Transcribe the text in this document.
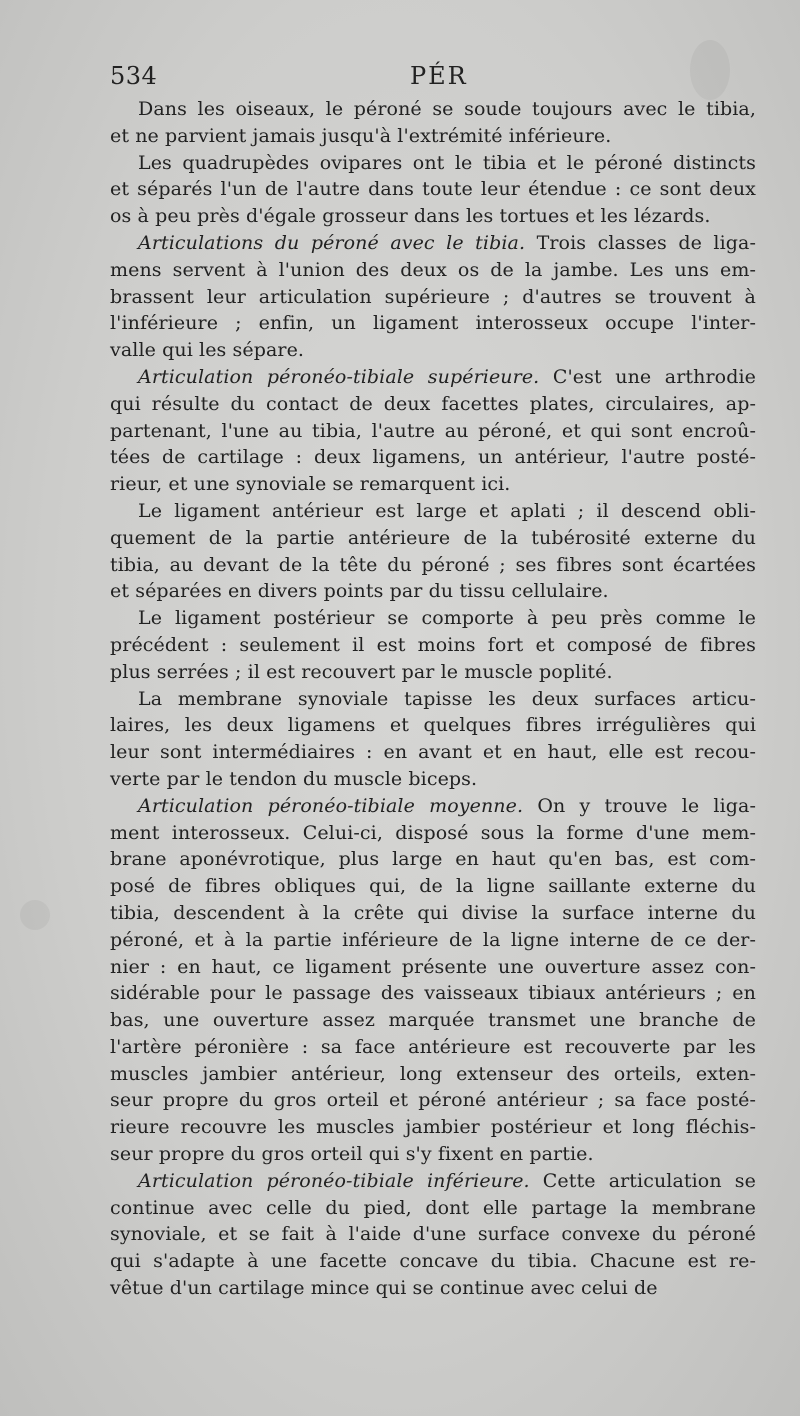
534	PÉR
Dans les oiseaux, le péroné se soude toujours avec le tibia,
et ne parvient jamais jusqu'à l'extrémité inférieure.
Les quadrupèdes ovipares ont le tibia et le péroné distincts
et séparés l'un de l'autre dans toute leur étendue : ce sont deux
os à peu près d'égale grosseur dans les tortues et les lézards.
Articulations du péroné avec le tibia. Trois classes de liga-
mens servent à l'union des deux os de la jambe. Les uns em-
brassent leur articulation supérieure ; d'autres se trouvent à
l'inférieure ; enfin, un ligament interosseux occupe l'inter-
valle qui les sépare.
Articulation péronéo-tibiale supérieure. C'est une arthrodie
qui résulte du contact de deux facettes plates, circulaires, ap-
partenant, l'une au tibia, l'autre au péroné, et qui sont encroû-
tées de cartilage : deux ligamens, un antérieur, l'autre posté-
rieur, et une synoviale se remarquent ici.
Le ligament antérieur est large et aplati ; il descend obli-
quement de la partie antérieure de la tubérosité externe du
tibia, au devant de la tête du péroné ; ses fibres sont écartées
et séparées en divers points par du tissu cellulaire.
Le ligament postérieur se comporte à peu près comme le
précédent : seulement il est moins fort et composé de fibres
plus serrées ; il est recouvert par le muscle poplité.
La membrane synoviale tapisse les deux surfaces articu-
laires, les deux ligamens et quelques fibres irrégulières qui
leur sont intermédiaires : en avant et en haut, elle est recou-
verte par le tendon du muscle biceps.
Articulation péronéo-tibiale moyenne. On y trouve le liga-
ment interosseux. Celui-ci, disposé sous la forme d'une mem-
brane aponévrotique, plus large en haut qu'en bas, est com-
posé de fibres obliques qui, de la ligne saillante externe du
tibia, descendent à la crête qui divise la surface interne du
péroné, et à la partie inférieure de la ligne interne de ce der-
nier : en haut, ce ligament présente une ouverture assez con-
sidérable pour le passage des vaisseaux tibiaux antérieurs ; en
bas, une ouverture assez marquée transmet une branche de
l'artère péronière : sa face antérieure est recouverte par les
muscles jambier antérieur, long extenseur des orteils, exten-
seur propre du gros orteil et péroné antérieur ; sa face posté-
rieure recouvre les muscles jambier postérieur et long fléchis-
seur propre du gros orteil qui s'y fixent en partie.
Articulation péronéo-tibiale inférieure. Cette articulation se
continue avec celle du pied, dont elle partage la membrane
synoviale, et se fait à l'aide d'une surface convexe du péroné
qui s'adapte à une facette concave du tibia. Chacune est re-
vêtue d'un cartilage mince qui se continue avec celui de
